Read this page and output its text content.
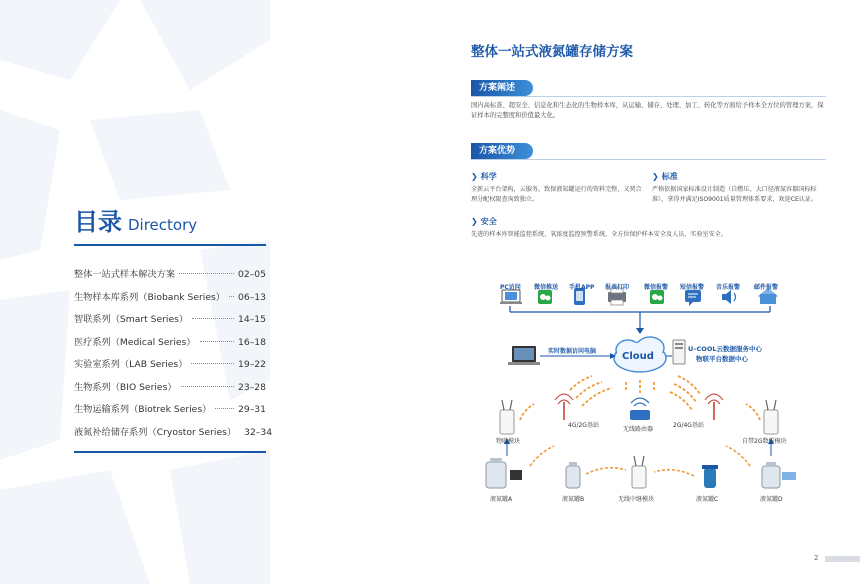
目录 Directory
整体一站式样本解决方案	02–05
生物样本库系列（Biobank Series） 06–13
智联系列（Smart Series）	14–15
医疗系列（Medical Series）	16–18
实验室系列（LAB Series）	19–22
生物系列（BIO Series）	23–28
生物运输系列（Biotrek Series）	29–31
液氮补给储存系列（Cryostor Series） 32–34
整体一站式液氮罐存储方案
方案阐述
国内高标准、超安全、信息化和生态化的生物样本库，从运输、储存、处理、加工、转化等方面给予样本全方位的管理方案，保证样本的完整度和价值最大化。
方案优势
❯ 科学
全新云平台架构，云服务，致保液氮罐运行的资料完整，又契合理分配权限查询致独立。
❯ 标准
严格依据国家标准设计制造（自燃压、大口径液氮容器国标标准），拿得并满足ISO9001质量管理体系要求，欢迎CE认证。
❯ 安全
先进的样本库智能监控系统、氧浓度监控预警系统、全方位保护样本安全及人员、实验室安全。
PC访问 微信推送 手机APP 报表打印 微信报警 短信报警 音乐报警 邮件报警
Cloud
实时数据访问电脑	U–COOL云数据服务中心
物联平台数据中心
物联模块
4G/2G基站
无线路由器
2G/4G基站
自带2G数传模块
液氮罐A	液氮罐B	无线中继模块	液氮罐C	液氮罐D
2
